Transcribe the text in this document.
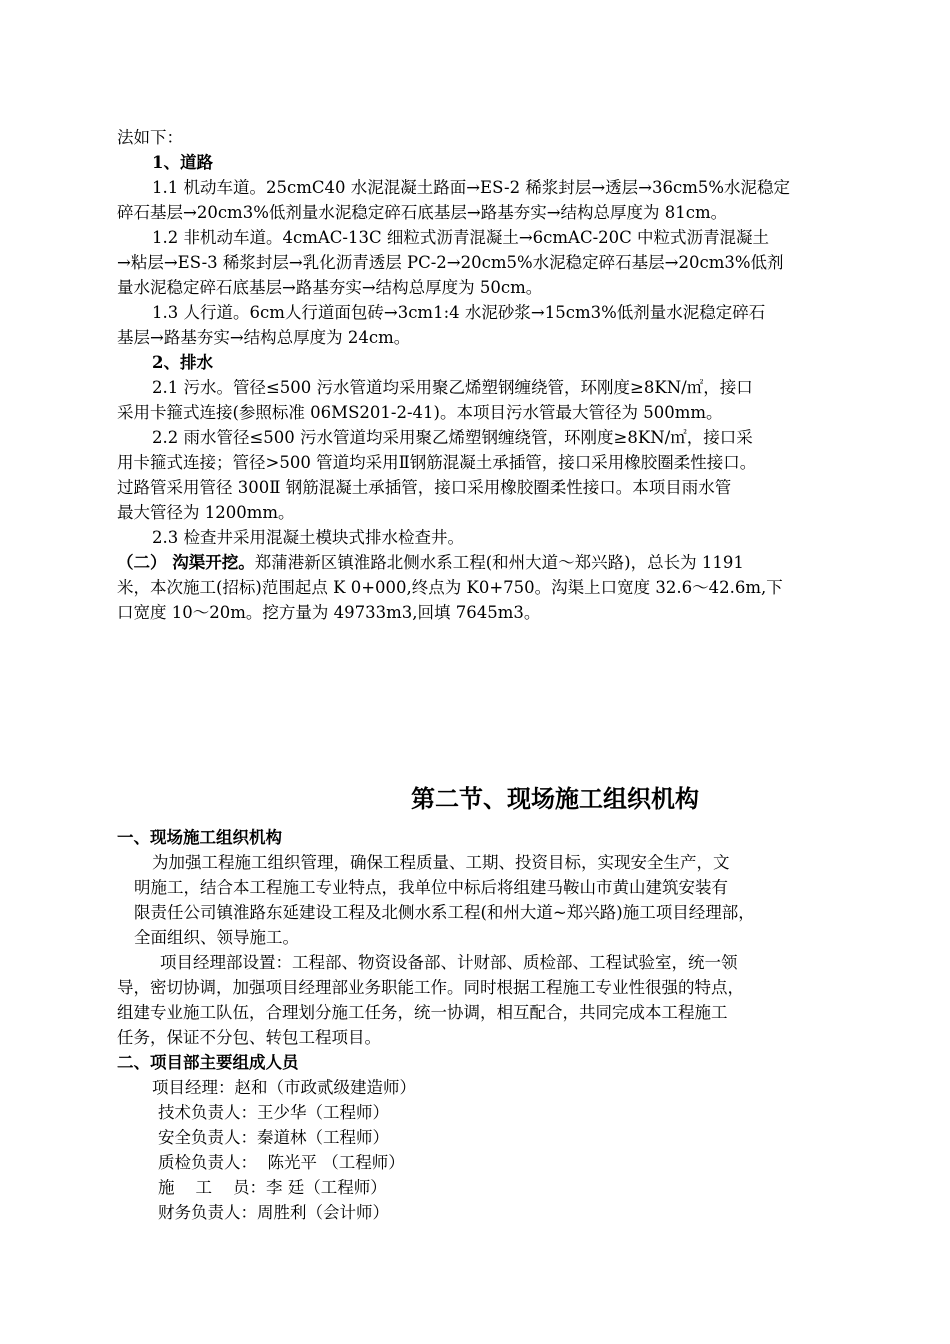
法如下：
1、道路
1.1 机动车道。25cmC40 水泥混凝土路面→ES-2 稀浆封层→透层→36cm5%水泥稳定
碎石基层→20cm3%低剂量水泥稳定碎石底基层→路基夯实→结构总厚度为 81cm。
1.2 非机动车道。4cmAC-13C 细粒式沥青混凝土→6cmAC-20C 中粒式沥青混凝土
→粘层→ES-3 稀浆封层→乳化沥青透层 PC-2→20cm5%水泥稳定碎石基层→20cm3%低剂
量水泥稳定碎石底基层→路基夯实→结构总厚度为 50cm。
1.3 人行道。6cm人行道面包砖→3cm1:4 水泥砂浆→15cm3%低剂量水泥稳定碎石
基层→路基夯实→结构总厚度为 24cm。
2、排水
2.1 污水。管径≤500 污水管道均采用聚乙烯塑钢缠绕管，环刚度≥8KN/㎡，接口
采用卡箍式连接(参照标准 06MS201-2-41)。本项目污水管最大管径为 500mm。
2.2 雨水管径≤500 污水管道均采用聚乙烯塑钢缠绕管，环刚度≥8KN/㎡，接口采
用卡箍式连接；管径>500 管道均采用Ⅱ钢筋混凝土承插管，接口采用橡胶圈柔性接口。
过路管采用管径 300Ⅱ 钢筋混凝土承插管，接口采用橡胶圈柔性接口。本项目雨水管
最大管径为 1200mm。
2.3 检查井采用混凝土模块式排水检查井。
（二） 沟渠开挖。郑蒲港新区镇淮路北侧水系工程(和州大道～郑兴路)，总长为 1191
米，本次施工(招标)范围起点 K 0+000,终点为 K0+750。沟渠上口宽度 32.6～42.6m,下
口宽度 10～20m。挖方量为 49733m3,回填 7645m3。
第二节、现场施工组织机构
一、现场施工组织机构
为加强工程施工组织管理，确保工程质量、工期、投资目标，实现安全生产，文
明施工，结合本工程施工专业特点，我单位中标后将组建马鞍山市黄山建筑安装有
限责任公司镇淮路东延建设工程及北侧水系工程(和州大道~郑兴路)施工项目经理部，
全面组织、领导施工。
项目经理部设置：工程部、物资设备部、计财部、质检部、工程试验室，统一领
导，密切协调，加强项目经理部业务职能工作。同时根据工程施工专业性很强的特点，
组建专业施工队伍，合理划分施工任务，统一协调，相互配合，共同完成本工程施工
任务，保证不分包、转包工程项目。
二、项目部主要组成人员
项目经理：赵和（市政贰级建造师）
技术负责人：王少华（工程师）
安全负责人：秦道林（工程师）
质检负责人：  陈光平 （工程师）
施    工    员：李 廷（工程师）
财务负责人：周胜利（会计师）
